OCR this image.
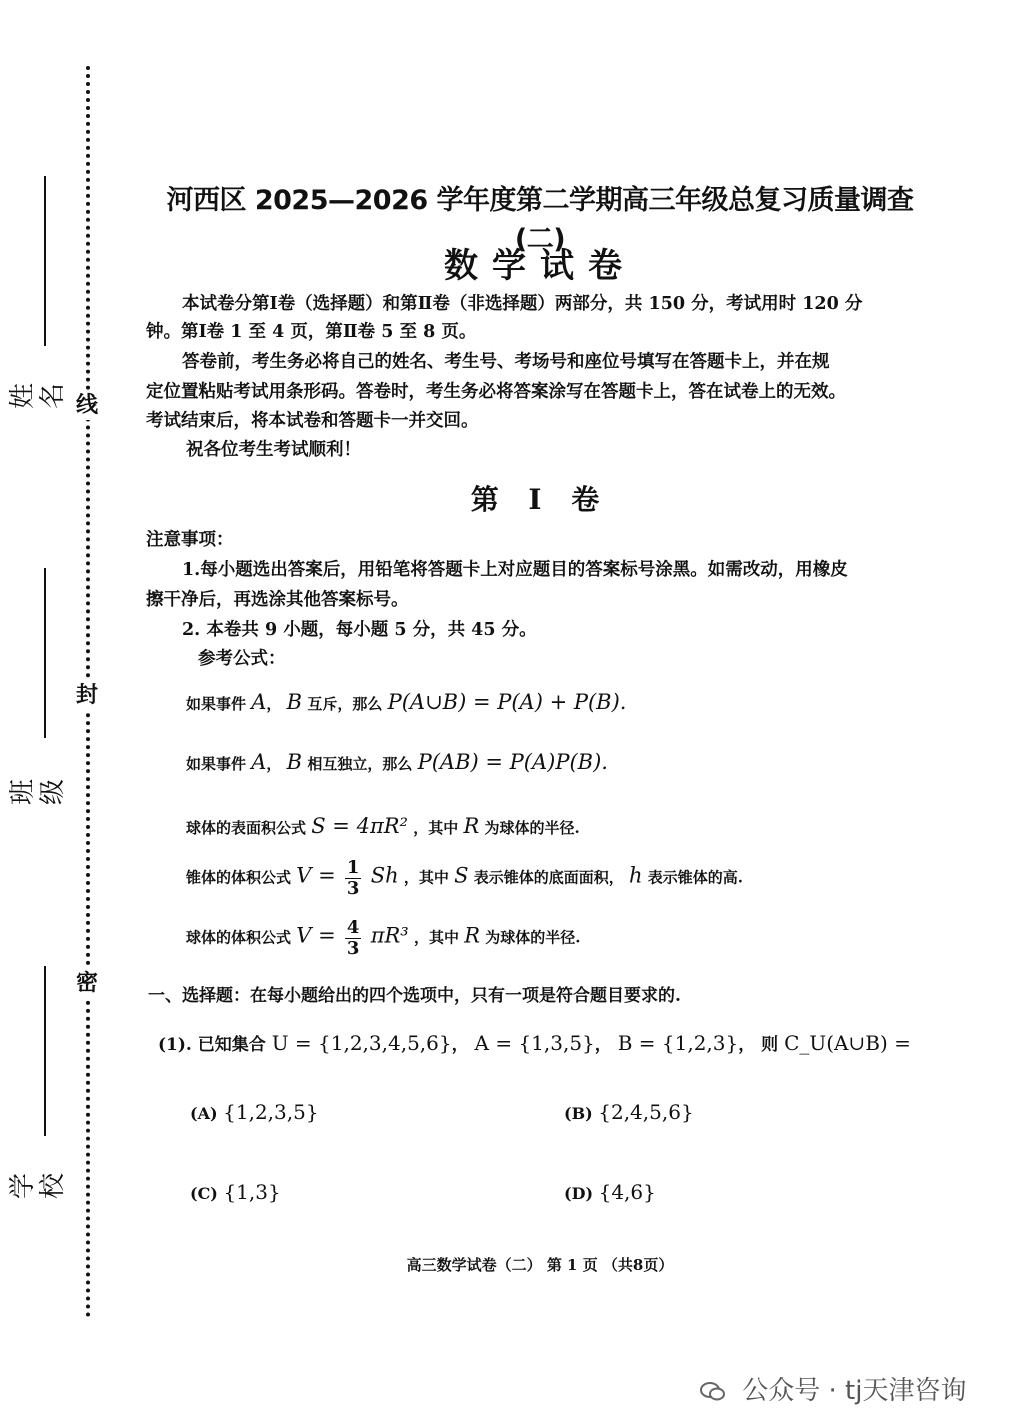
线
封
密
姓名
班级
学校
河西区 2025—2026 学年度第二学期高三年级总复习质量调查(二)
数学试卷
本试卷分第Ⅰ卷（选择题）和第Ⅱ卷（非选择题）两部分，共 150 分，考试用时 120 分
钟。第Ⅰ卷 1 至 4 页，第Ⅱ卷 5 至 8 页。
答卷前，考生务必将自己的姓名、考生号、考场号和座位号填写在答题卡上，并在规
定位置粘贴考试用条形码。答卷时，考生务必将答案涂写在答题卡上，答在试卷上的无效。
考试结束后，将本试卷和答题卡一并交回。
祝各位考生考试顺利！
第 Ⅰ 卷
注意事项：
1.每小题选出答案后，用铅笔将答题卡上对应题目的答案标号涂黑。如需改动，用橡皮
擦干净后，再选涂其他答案标号。
2. 本卷共 9 小题，每小题 5 分，共 45 分。
参考公式：
如果事件 A， B 互斥，那么 P(A∪B) = P(A) + P(B).
如果事件 A， B 相互独立，那么 P(AB) = P(A)P(B).
球体的表面积公式 S = 4πR² ，其中 R 为球体的半径.
锥体的体积公式 $V = \frac{1}{3}$ Sh ，其中 S 表示锥体的底面面积， h 表示锥体的高.
球体的体积公式 $V = \frac{4}{3} \pi R^3$ ，其中 R 为球体的半径.
一、选择题：在每小题给出的四个选项中，只有一项是符合题目要求的.
(1). 已知集合 U = {1,2,3,4,5,6}， A = {1,3,5}， B = {1,2,3}， 则 C_U(A∪B) =
(A) {1,2,3,5}	(B) {2,4,5,6}
(C) {1,3}	(D) {4,6}
高三数学试卷（二） 第 1 页 （共8页）
公众号 · tj天津咨询
